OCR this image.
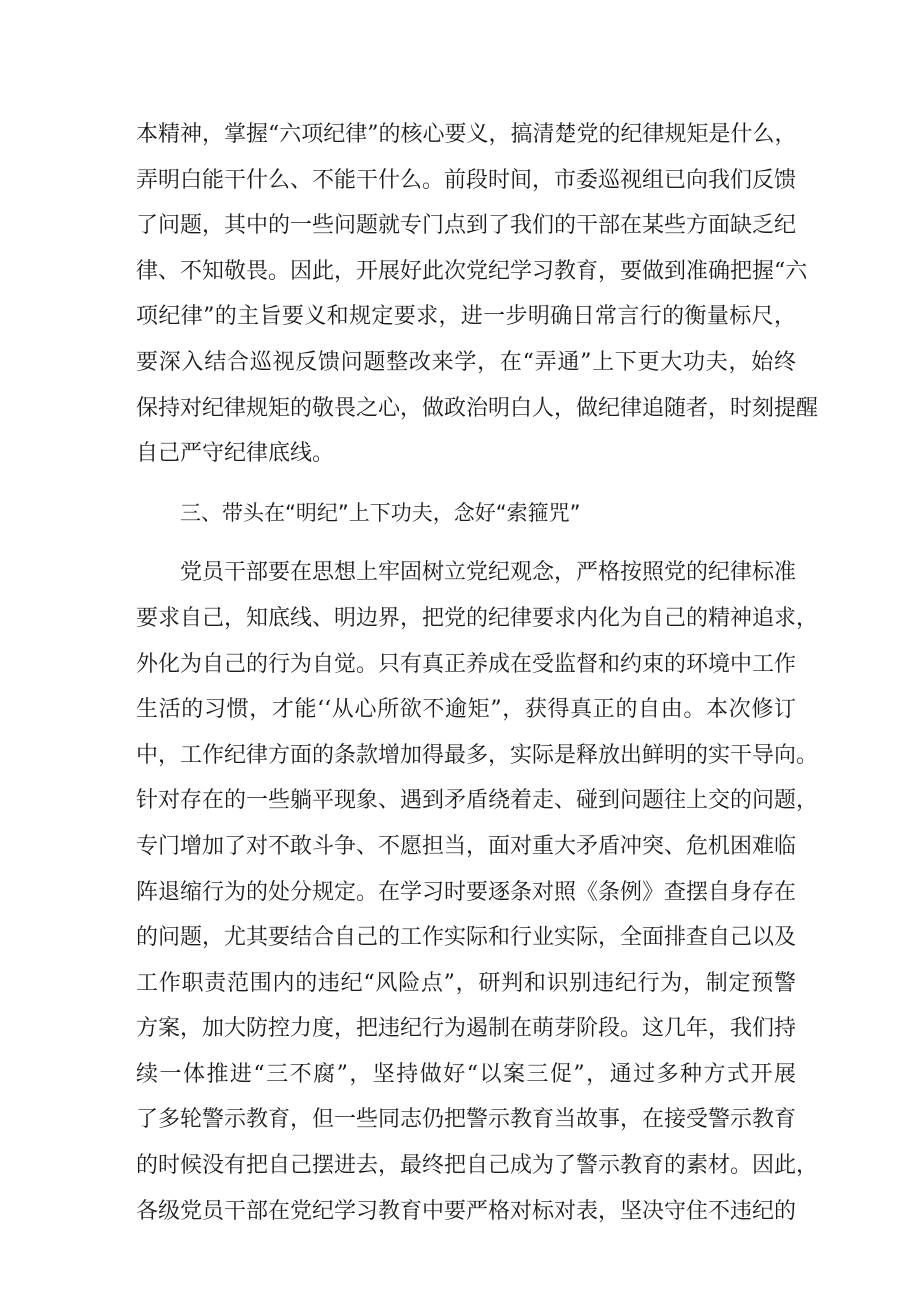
本精神，掌握“六项纪律”的核心要义，搞清楚党的纪律规矩是什么，
弄明白能干什么、不能干什么。前段时间，市委巡视组已向我们反馈
了问题，其中的一些问题就专门点到了我们的干部在某些方面缺乏纪
律、不知敬畏。因此，开展好此次党纪学习教育，要做到准确把握“六
项纪律”的主旨要义和规定要求，进一步明确日常言行的衡量标尺，
要深入结合巡视反馈问题整改来学，在“弄通”上下更大功夫，始终
保持对纪律规矩的敬畏之心，做政治明白人，做纪律追随者，时刻提醒
自己严守纪律底线。
三、带头在“明纪”上下功夫，念好“索箍咒”
党员干部要在思想上牢固树立党纪观念，严格按照党的纪律标准
要求自己，知底线、明边界，把党的纪律要求内化为自己的精神追求，
外化为自己的行为自觉。只有真正养成在受监督和约束的环境中工作
生活的习惯，才能‘‘从心所欲不逾矩”，获得真正的自由。本次修订
中，工作纪律方面的条款增加得最多，实际是释放出鲜明的实干导向。
针对存在的一些躺平现象、遇到矛盾绕着走、碰到问题往上交的问题，
专门增加了对不敢斗争、不愿担当，面对重大矛盾冲突、危机困难临
阵退缩行为的处分规定。在学习时要逐条对照《条例》查摆自身存在
的问题，尤其要结合自己的工作实际和行业实际，全面排查自己以及
工作职责范围内的违纪“风险点”，研判和识别违纪行为，制定预警
方案，加大防控力度，把违纪行为遏制在萌芽阶段。这几年，我们持
续一体推进“三不腐”，坚持做好“以案三促”，通过多种方式开展
了多轮警示教育，但一些同志仍把警示教育当故事，在接受警示教育
的时候没有把自己摆进去，最终把自己成为了警示教育的素材。因此，
各级党员干部在党纪学习教育中要严格对标对表，坚决守住不违纪的
